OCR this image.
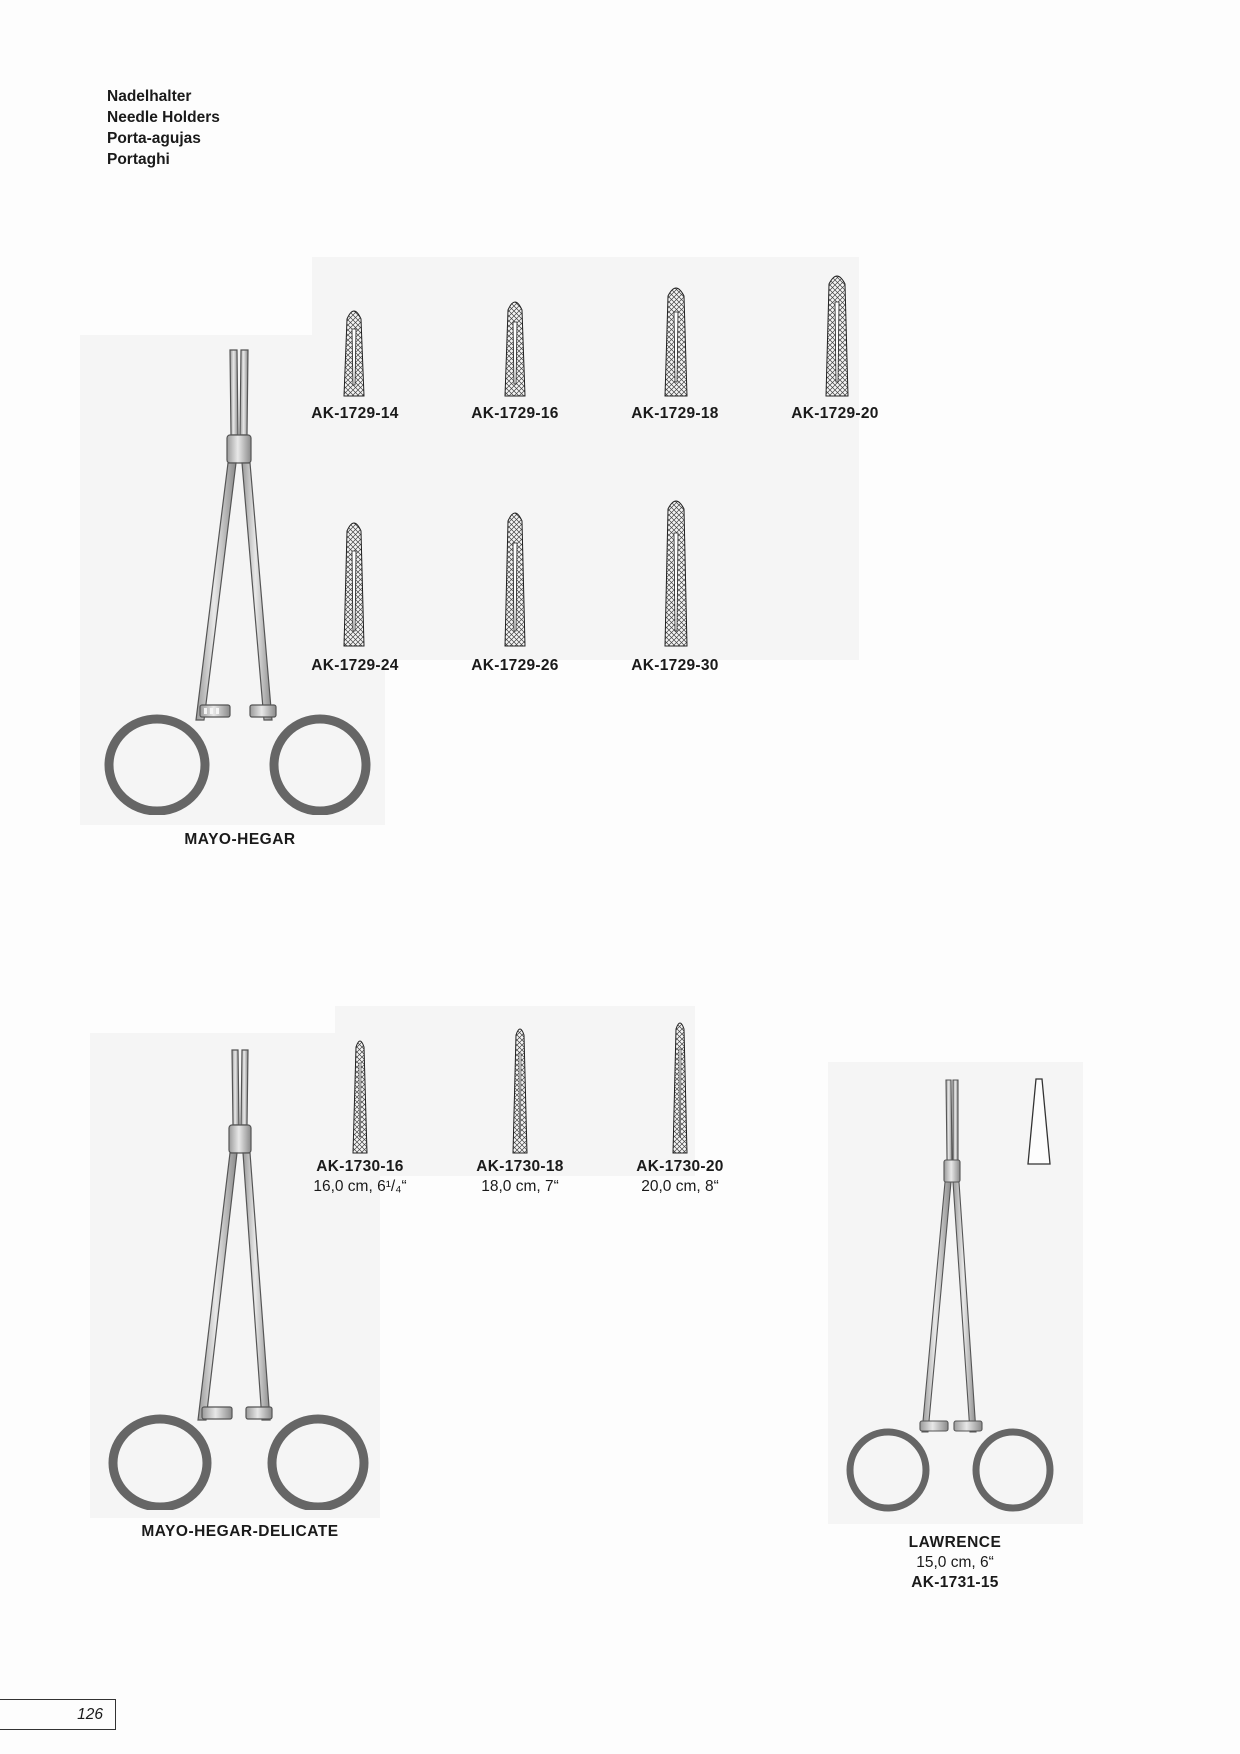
Nadelhalter
Needle Holders
Porta-agujas
Portaghi
MAYO-HEGAR
AK-1729-14	AK-1729-16	AK-1729-18	AK-1729-20
AK-1729-24	AK-1729-26	AK-1729-30
MAYO-HEGAR-DELICATE
AK-1730-16
16,0 cm, 6¹/₄“
AK-1730-18
18,0 cm, 7“
AK-1730-20
20,0 cm, 8“
LAWRENCE
15,0 cm, 6“
AK-1731-15
126
